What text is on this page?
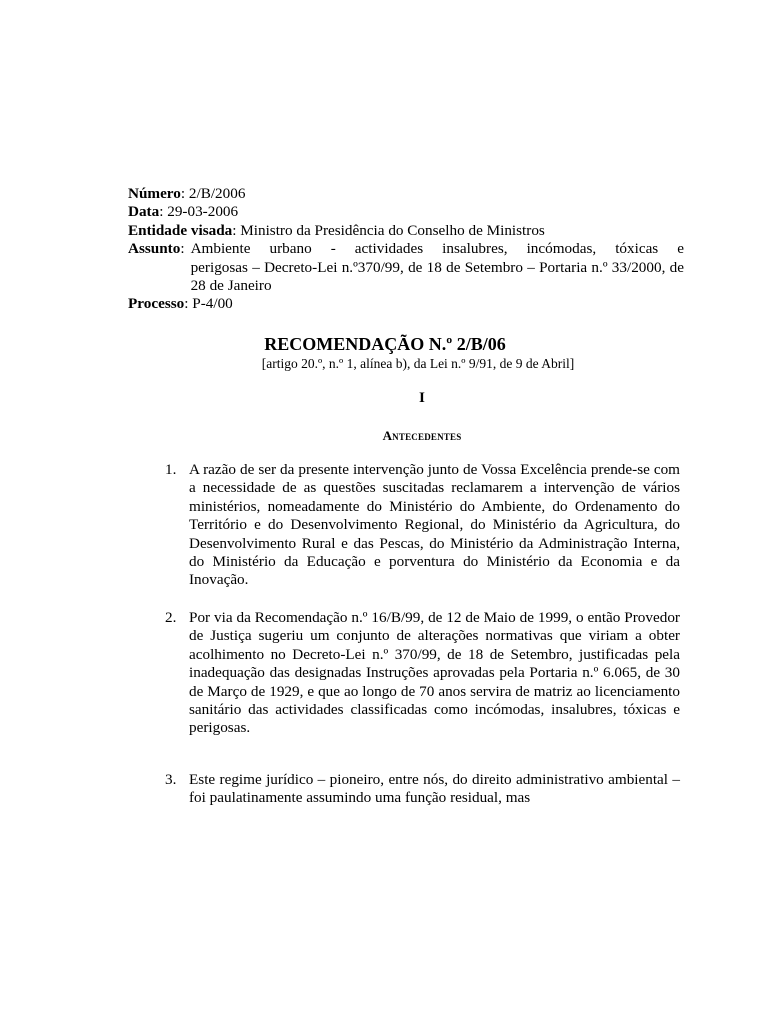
Número: 2/B/2006
Data: 29-03-2006
Entidade visada: Ministro da Presidência do Conselho de Ministros
Assunto : Ambiente urbano - actividades insalubres, incómodas, tóxicas e
perigosas – Decreto-Lei n.º370/99, de 18 de Setembro – Portaria n.º 33/2000, de 28 de Janeiro
Processo: P-4/00
RECOMENDAÇÃO N.º 2/B/06
[artigo 20.º, n.º 1, alínea b), da Lei n.º 9/91, de 9 de Abril]
I
Antecedentes
1. A razão de ser da presente intervenção junto de Vossa Excelência prende-se com a necessidade de as questões suscitadas reclamarem a intervenção de vários ministérios, nomeadamente do Ministério do Ambiente, do Ordenamento do Território e do Desenvolvimento Regional, do Ministério da Agricultura, do Desenvolvimento Rural e das Pescas, do Ministério da Administração Interna, do Ministério da Educação e porventura do Ministério da Economia e da Inovação.
2. Por via da Recomendação n.º 16/B/99, de 12 de Maio de 1999, o então Provedor de Justiça sugeriu um conjunto de alterações normativas que viriam a obter acolhimento no Decreto-Lei n.º 370/99, de 18 de Setembro, justificadas pela inadequação das designadas Instruções aprovadas pela Portaria n.º 6.065, de 30 de Março de 1929, e que ao longo de 70 anos servira de matriz ao licenciamento sanitário das actividades classificadas como incómodas, insalubres, tóxicas e perigosas.
3. Este regime jurídico – pioneiro, entre nós, do direito administrativo ambiental – foi paulatinamente assumindo uma função residual, mas
